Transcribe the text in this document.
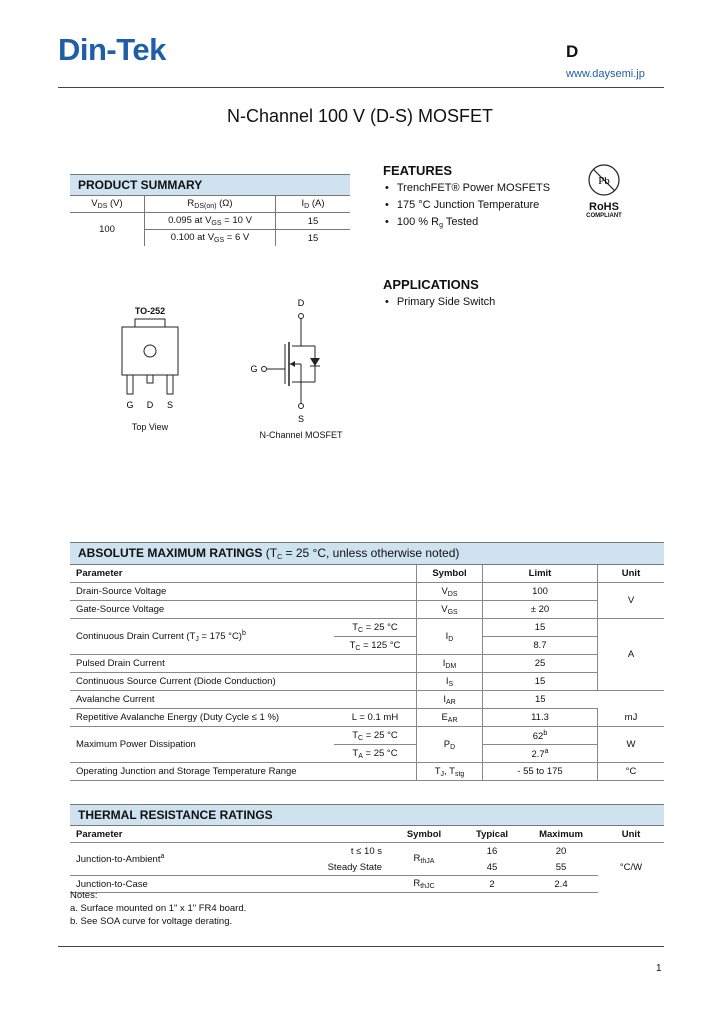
Din-Tek	D
www.daysemi.jp
N-Channel 100 V (D-S) MOSFET
PRODUCT SUMMARY
$V_{DS}$ (V)	$R_{DS(on)}$ (Ω)	$I_D$ (A)
100	0.095 at $V_{GS} = 10$ V	15
	0.100 at $V_{GS} = 6$ V	15
FEATURES
• TrenchFET® Power MOSFETS
• 175 °C Junction Temperature
• 100 % $R_g$ Tested
Pb
RoHS
COMPLIANT
APPLICATIONS
• Primary Side Switch
TO-252
G D S
Top View
D
G
S
N-Channel MOSFET
ABSOLUTE MAXIMUM RATINGS ($T_C = 25$ °C, unless otherwise noted)
Parameter		Symbol	Limit	Unit
Drain-Source Voltage		$V_{DS}$	100	V
Gate-Source Voltage		$V_{GS}$	± 20	
Continuous Drain Current ($T_J = 175$ °C)$^b$	$T_C = 25$ °C	$I_D$	15	A
	$T_C = 125$ °C		8.7	
Pulsed Drain Current		$I_{DM}$	25	
Continuous Source Current (Diode Conduction)		$I_S$	15	
Avalanche Current		$I_{AR}$	15	
Repetitive Avalanche Energy (Duty Cycle ≤ 1 %)	L = 0.1 mH	$E_{AR}$	11.3	mJ
Maximum Power Dissipation	$T_C = 25$ °C	$P_D$	62$^b$	W
	$T_A = 25$ °C		2.7$^a$
Operating Junction and Storage Temperature Range		$T_J$, $T_{stg}$	- 55 to 175	°C
THERMAL RESISTANCE RATINGS
Parameter		Symbol	Typical	Maximum	Unit
Junction-to-Ambient$^a$	t ≤ 10 s	$R_{thJA}$	16	20	°C/W
	Steady State		45	55	
Junction-to-Case		$R_{thJC}$	2	2.4	
Notes:
a. Surface mounted on 1" x 1" FR4 board.
b. See SOA curve for voltage derating.
1
